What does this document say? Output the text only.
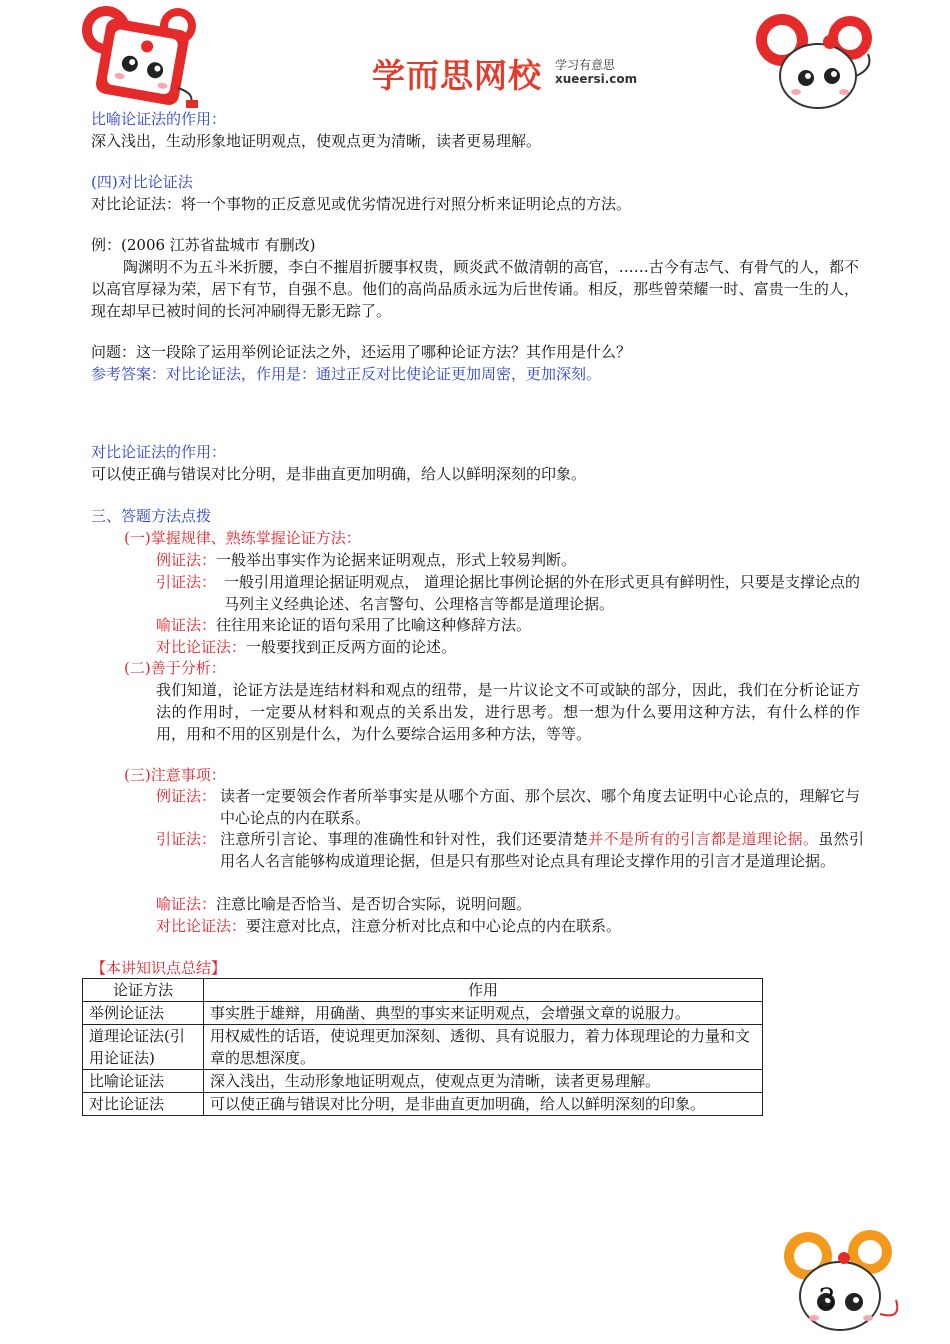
学而思网校 学习有意思
xueersi.com
比喻论证法的作用：
深入浅出，生动形象地证明观点，使观点更为清晰，读者更易理解。
(四)对比论证法
对比论证法：将一个事物的正反意见或优劣情况进行对照分析来证明论点的方法。
例：(2006 江苏省盐城市 有删改)
陶渊明不为五斗米折腰，李白不摧眉折腰事权贵，顾炎武不做清朝的高官，……古今有志气、有骨气的人，都不以高官厚禄为荣，居下有节，自强不息。他们的高尚品质永远为后世传诵。相反，那些曾荣耀一时、富贵一生的人，现在却早已被时间的长河冲刷得无影无踪了。
问题：这一段除了运用举例论证法之外，还运用了哪种论证方法？其作用是什么？
参考答案：对比论证法，作用是：通过正反对比使论证更加周密，更加深刻。
对比论证法的作用：
可以使正确与错误对比分明，是非曲直更加明确，给人以鲜明深刻的印象。
三、答题方法点拨
(一)掌握规律、熟练掌握论证方法：
例证法：一般举出事实作为论据来证明观点，形式上较易判断。
引证法： 一般引用道理论据证明观点， 道理论据比事例论据的外在形式更具有鲜明性，只要是支撑论点的马列主义经典论述、名言警句、公理格言等都是道理论据。
喻证法：往往用来论证的语句采用了比喻这种修辞方法。
对比论证法：一般要找到正反两方面的论述。
(二)善于分析：
我们知道，论证方法是连结材料和观点的纽带，是一片议论文不可或缺的部分，因此，我们在分析论证方法的作用时，一定要从材料和观点的关系出发，进行思考。想一想为什么要用这种方法，有什么样的作用，用和不用的区别是什么，为什么要综合运用多种方法，等等。
(三)注意事项：
例证法： 读者一定要领会作者所举事实是从哪个方面、那个层次、哪个角度去证明中心论点的，理解它与中心论点的内在联系。
引证法： 注意所引言论、事理的准确性和针对性，我们还要清楚并不是所有的引言都是道理论据。虽然引用名人名言能够构成道理论据，但是只有那些对论点具有理论支撑作用的引言才是道理论据。
喻证法：注意比喻是否恰当、是否切合实际，说明问题。
对比论证法：要注意对比点，注意分析对比点和中心论点的内在联系。
【本讲知识点总结】
论证方法	作用
举例论证法	事实胜于雄辩，用确凿、典型的事实来证明观点，会增强文章的说服力。
道理论证法(引用论证法)	用权威性的话语，使说理更加深刻、透彻、具有说服力，着力体现理论的力量和文章的思想深度。
比喻论证法	深入浅出，生动形象地证明观点，使观点更为清晰，读者更易理解。
对比论证法	可以使正确与错误对比分明，是非曲直更加明确，给人以鲜明深刻的印象。
3
